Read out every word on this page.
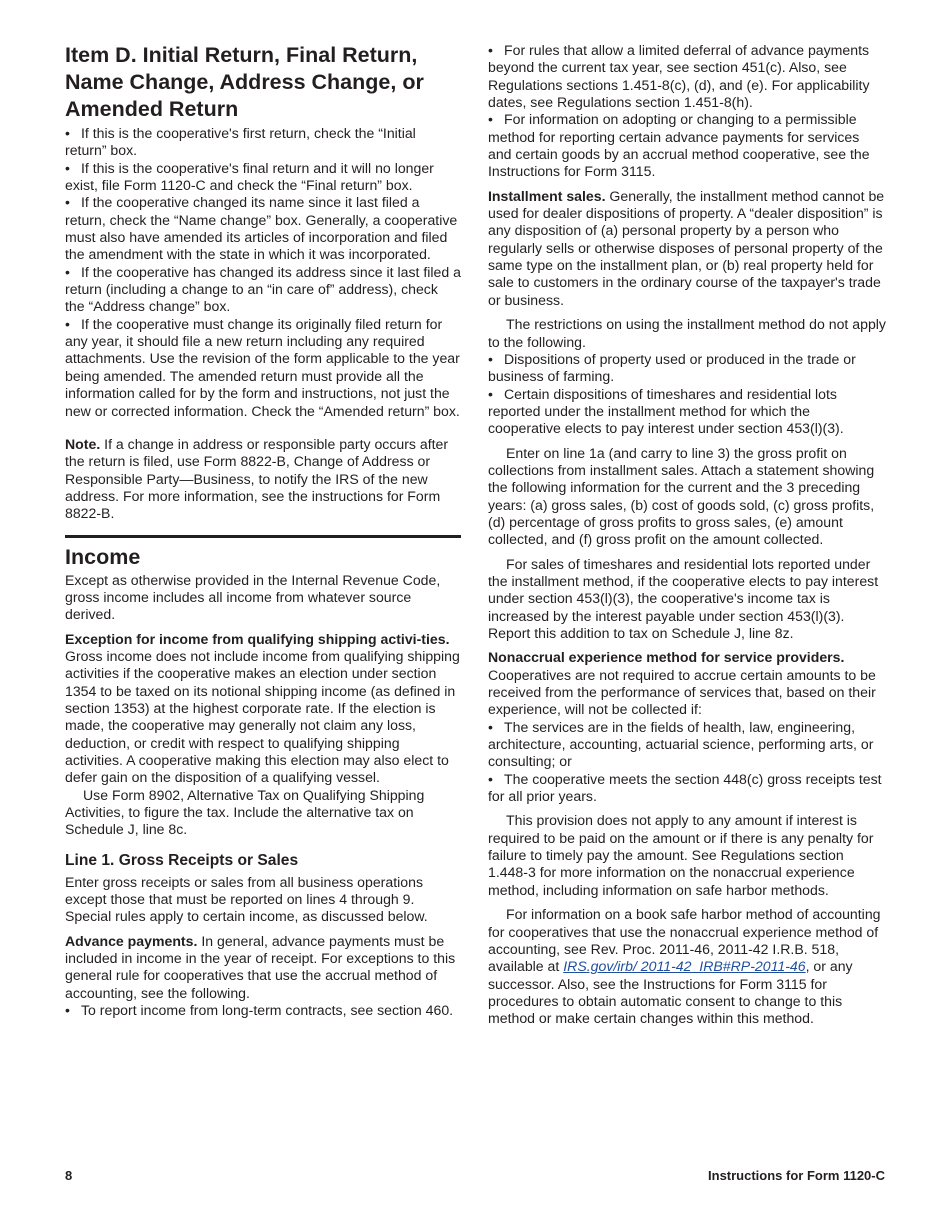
Item D. Initial Return, Final Return, Name Change, Address Change, or Amended Return

• If this is the cooperative's first return, check the “Initial return” box.

• If this is the cooperative's final return and it will no longer exist, file Form 1120-C and check the “Final return” box.

• If the cooperative changed its name since it last filed a return, check the “Name change” box. Generally, a cooperative must also have amended its articles of incorporation and filed the amendment with the state in which it was incorporated.

• If the cooperative has changed its address since it last filed a return (including a change to an “in care of” address), check the “Address change” box.

• If the cooperative must change its originally filed return for any year, it should file a new return including any required attachments. Use the revision of the form applicable to the year being amended. The amended return must provide all the information called for by the form and instructions, not just the new or corrected information. Check the “Amended return” box.

Note. If a change in address or responsible party occurs after the return is filed, use Form 8822-B, Change of Address or Responsible Party—Business, to notify the IRS of the new address. For more information, see the instructions for Form 8822-B.

Income

Except as otherwise provided in the Internal Revenue Code, gross income includes all income from whatever source derived.

Exception for income from qualifying shipping activi-ties. Gross income does not include income from qualifying shipping activities if the cooperative makes an election under section 1354 to be taxed on its notional shipping income (as defined in section 1353) at the highest corporate rate. If the election is made, the cooperative may generally not claim any loss, deduction, or credit with respect to qualifying shipping activities. A cooperative making this election may also elect to defer gain on the disposition of a qualifying vessel.

Use Form 8902, Alternative Tax on Qualifying Shipping Activities, to figure the tax. Include the alternative tax on Schedule J, line 8c.

Line 1. Gross Receipts or Sales

Enter gross receipts or sales from all business operations except those that must be reported on lines 4 through 9. Special rules apply to certain income, as discussed below.

Advance payments. In general, advance payments must be included in income in the year of receipt. For exceptions to this general rule for cooperatives that use the accrual method of accounting, see the following.

• To report income from long-term contracts, see section 460.

• For rules that allow a limited deferral of advance payments beyond the current tax year, see section 451(c). Also, see Regulations sections 1.451-8(c), (d), and (e). For applicability dates, see Regulations section 1.451-8(h).

• For information on adopting or changing to a permissible method for reporting certain advance payments for services and certain goods by an accrual method cooperative, see the Instructions for Form 3115.

Installment sales. Generally, the installment method cannot be used for dealer dispositions of property. A “dealer disposition” is any disposition of (a) personal property by a person who regularly sells or otherwise disposes of personal property of the same type on the installment plan, or (b) real property held for sale to customers in the ordinary course of the taxpayer's trade or business.

The restrictions on using the installment method do not apply to the following.

• Dispositions of property used or produced in the trade or business of farming.

• Certain dispositions of timeshares and residential lots reported under the installment method for which the cooperative elects to pay interest under section 453(l)(3).

Enter on line 1a (and carry to line 3) the gross profit on collections from installment sales. Attach a statement showing the following information for the current and the 3 preceding years: (a) gross sales, (b) cost of goods sold, (c) gross profits, (d) percentage of gross profits to gross sales, (e) amount collected, and (f) gross profit on the amount collected.

For sales of timeshares and residential lots reported under the installment method, if the cooperative elects to pay interest under section 453(l)(3), the cooperative's income tax is increased by the interest payable under section 453(l)(3). Report this addition to tax on Schedule J, line 8z.

Nonaccrual experience method for service providers. Cooperatives are not required to accrue certain amounts to be received from the performance of services that, based on their experience, will not be collected if:

• The services are in the fields of health, law, engineering, architecture, accounting, actuarial science, performing arts, or consulting; or

• The cooperative meets the section 448(c) gross receipts test for all prior years.

This provision does not apply to any amount if interest is required to be paid on the amount or if there is any penalty for failure to timely pay the amount. See Regulations section 1.448-3 for more information on the nonaccrual experience method, including information on safe harbor methods.

For information on a book safe harbor method of accounting for cooperatives that use the nonaccrual experience method of accounting, see Rev. Proc. 2011-46, 2011-42 I.R.B. 518, available at IRS.gov/irb/ 2011-42_IRB#RP-2011-46, or any successor. Also, see the Instructions for Form 3115 for procedures to obtain automatic consent to change to this method or make certain changes within this method.

8	Instructions for Form 1120-C
